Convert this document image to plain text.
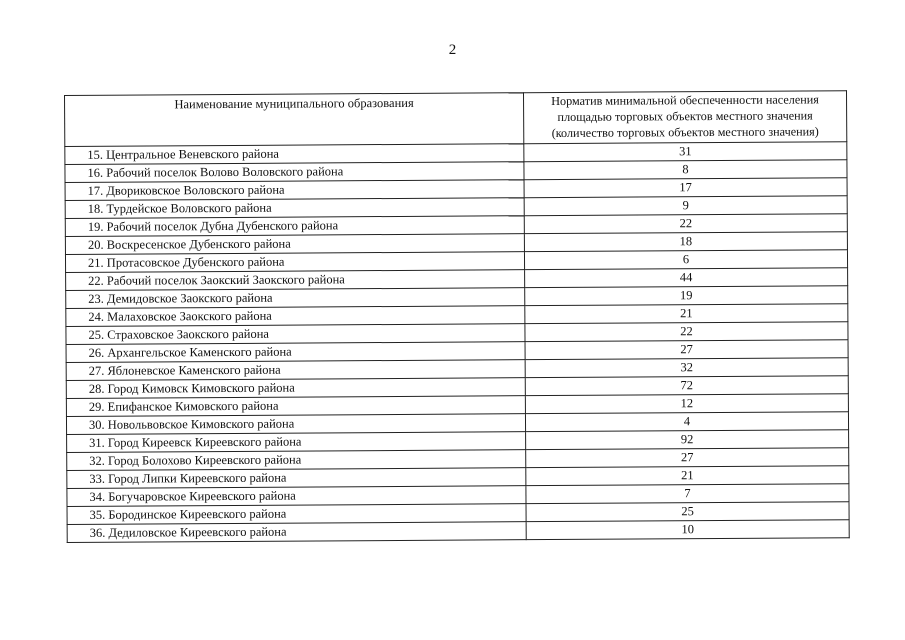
2
Наименование муниципального образования	Норматив минимальной обеспеченности населения площадью торговых объектов местного значения (количество торговых объектов местного значения)
15. Центральное Веневского района	31
16. Рабочий поселок Волово Воловского района	8
17. Двориковское Воловского района	17
18. Турдейское Воловского района	9
19. Рабочий поселок Дубна Дубенского района	22
20. Воскресенское Дубенского района	18
21. Протасовское Дубенского района	6
22. Рабочий поселок Заокский Заокского района	44
23. Демидовское Заокского района	19
24. Малаховское Заокского района	21
25. Страховское Заокского района	22
26. Архангельское Каменского района	27
27. Яблоневское Каменского района	32
28. Город Кимовск Кимовского района	72
29. Епифанское Кимовского района	12
30. Новольвовское Кимовского района	4
31. Город Киреевск Киреевского района	92
32. Город Болохово Киреевского района	27
33. Город Липки Киреевского района	21
34. Богучаровское Киреевского района	7
35. Бородинское Киреевского района	25
36. Дедиловское Киреевского района	10
